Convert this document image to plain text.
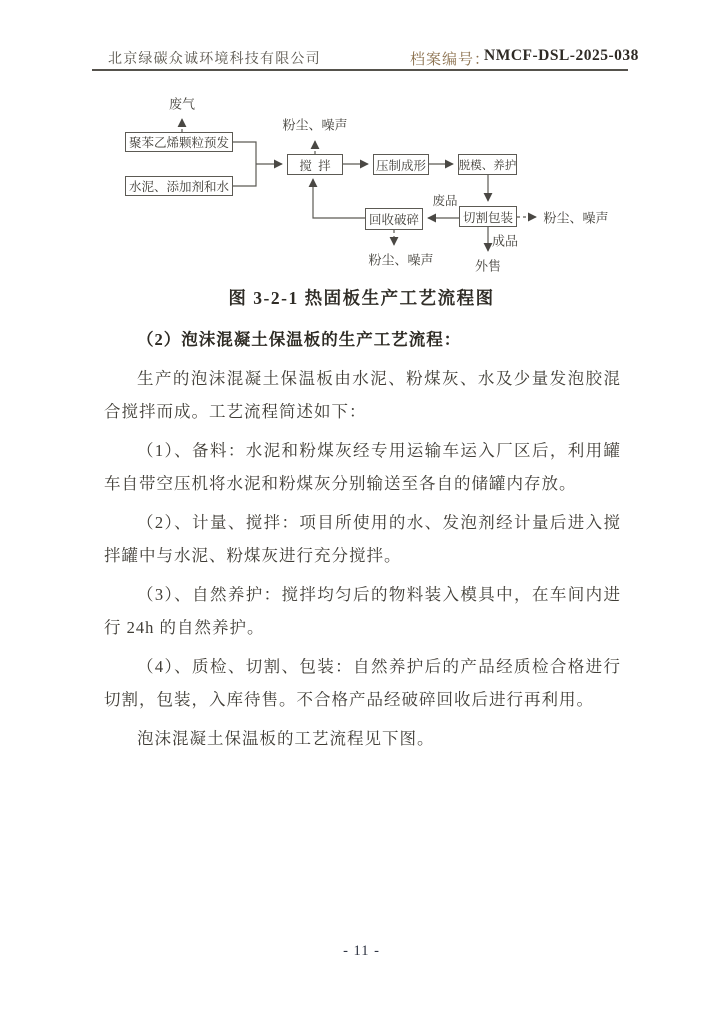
北京绿碳众诚环境科技有限公司	档案编号：
NMCF-DSL-2025-038
聚苯乙烯颗粒预发
水泥、添加剂和水
搅 拌	压制成形	脱模、养护
切割包装
回收破碎
废气
粉尘、噪声
粉尘、噪声
粉尘、噪声
废品
成品
外售
图 3-2-1 热固板生产工艺流程图

（2）泡沫混凝土保温板的生产工艺流程：

生产的泡沫混凝土保温板由水泥、粉煤灰、水及少量发泡胶混合搅拌而成。工艺流程简述如下：

（1）、备料：水泥和粉煤灰经专用运输车运入厂区后，利用罐车自带空压机将水泥和粉煤灰分别输送至各自的储罐内存放。

（2）、计量、搅拌：项目所使用的水、发泡剂经计量后进入搅拌罐中与水泥、粉煤灰进行充分搅拌。

（3）、自然养护：搅拌均匀后的物料装入模具中，在车间内进行 24h 的自然养护。

（4）、质检、切割、包装：自然养护后的产品经质检合格进行切割，包装，入库待售。不合格产品经破碎回收后进行再利用。

泡沫混凝土保温板的工艺流程见下图。

- 11 -
